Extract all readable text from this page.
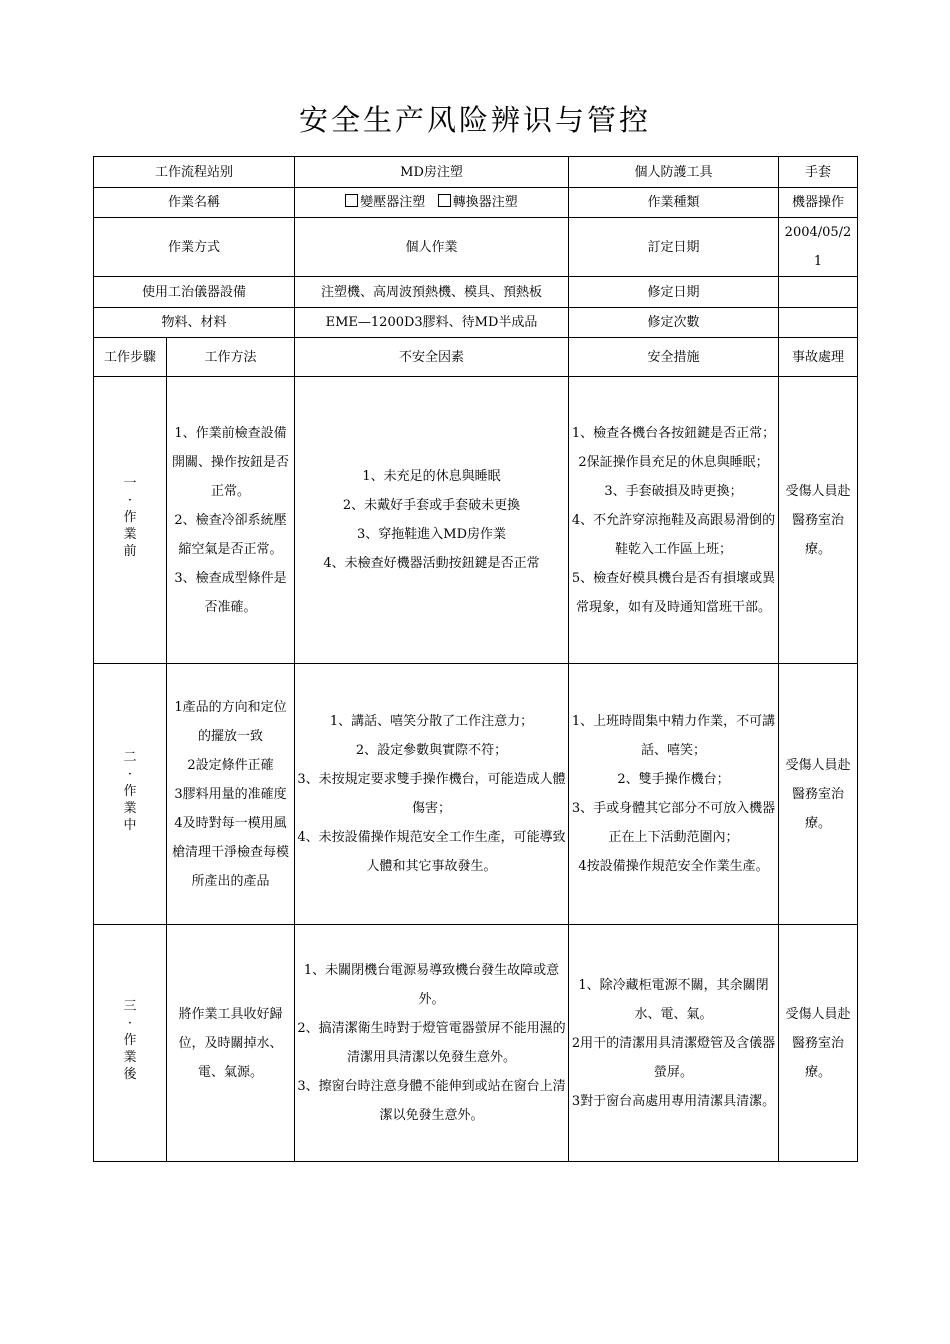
安全生产风险辨识与管控
工作流程站别		MD房注塑	個人防護工具	手套
作業名稱		變壓器注塑 轉換器注塑	作業種類	機器操作
作業方式		個人作業	訂定日期	2004/05/21
使用工治儀器設備		注塑機、高周波預熱機、模具、預熱板	修定日期	
物料、材料		EME—1200D3膠料、待MD半成品	修定次數	
工作步驟	工作方法	不安全因素	安全措施	事故處理
一·作業前	1、作業前檢查設備開關、操作按鈕是否正常。
2、檢查冷卻系統壓縮空氣是否正常。
3、檢查成型條件是否准確。	1、未充足的休息與睡眠
2、未戴好手套或手套破未更換
3、穿拖鞋進入MD房作業
4、未檢查好機器活動按鈕鍵是否正常	1、檢查各機台各按鈕鍵是否正常；
2保証操作員充足的休息與睡眠；
3、手套破損及時更換；
4、不允許穿涼拖鞋及高跟易滑倒的鞋乾入工作區上班；
5、檢查好模具機台是否有損壞或異常現象，如有及時通知當班干部。	受傷人員赴醫務室治療。
二·作業中	1產品的方向和定位的擺放一致
2設定條件正確
3膠料用量的准確度
4及時對每一模用風槍清理干淨檢查每模所產出的產品	1、講話、嘻笑分散了工作注意力；
2、設定參數與實際不符；
3、未按規定要求雙手操作機台，可能造成人體傷害；
4、未按設備操作規范安全工作生產，可能導致人體和其它事故發生。	1、上班時間集中精力作業，不可講話、嘻笑；
2、雙手操作機台；
3、手或身體其它部分不可放入機器正在上下活動范圍內；
4按設備操作規范安全作業生產。	受傷人員赴醫務室治療。
三·作業後	將作業工具收好歸位，及時關掉水、電、氣源。	1、未關閉機台電源易導致機台發生故障或意外。
2、搞清潔衛生時對于燈管電器螢屏不能用濕的清潔用具清潔以免發生意外。
3、擦窗台時注意身體不能伸到或站在窗台上清潔以免發生意外。	1、除冷藏柜電源不關，其余關閉水、電、氣。
2用干的清潔用具清潔燈管及含儀器螢屏。
3對于窗台高處用專用清潔具清潔。	受傷人員赴醫務室治療。
